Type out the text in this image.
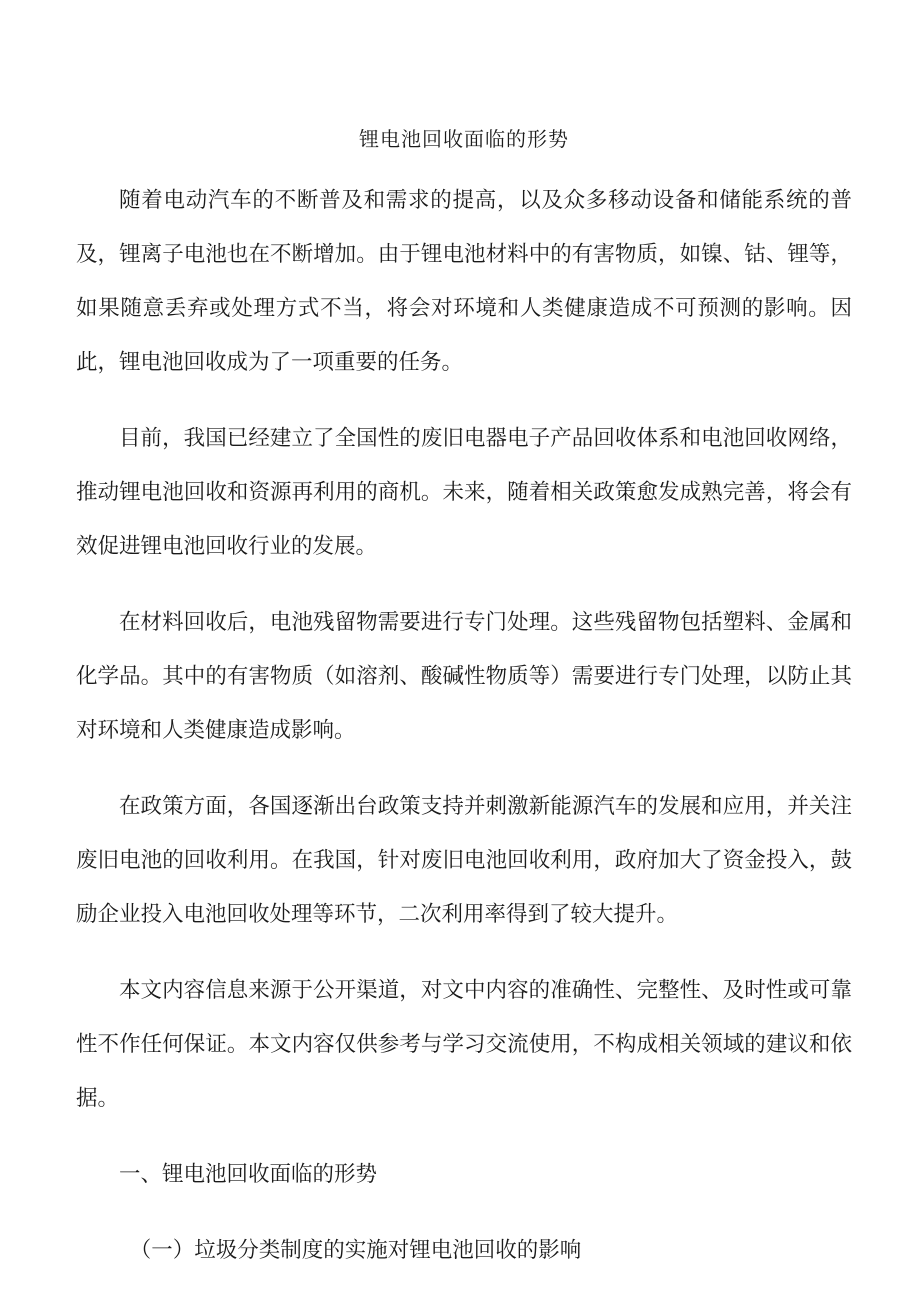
锂电池回收面临的形势

随着电动汽车的不断普及和需求的提高，以及众多移动设备和储能系统的普及，锂离子电池也在不断增加。由于锂电池材料中的有害物质，如镍、钴、锂等，如果随意丢弃或处理方式不当，将会对环境和人类健康造成不可预测的影响。因此，锂电池回收成为了一项重要的任务。

目前，我国已经建立了全国性的废旧电器电子产品回收体系和电池回收网络，推动锂电池回收和资源再利用的商机。未来，随着相关政策愈发成熟完善，将会有效促进锂电池回收行业的发展。

在材料回收后，电池残留物需要进行专门处理。这些残留物包括塑料、金属和化学品。其中的有害物质（如溶剂、酸碱性物质等）需要进行专门处理，以防止其对环境和人类健康造成影响。

在政策方面，各国逐渐出台政策支持并刺激新能源汽车的发展和应用，并关注废旧电池的回收利用。在我国，针对废旧电池回收利用，政府加大了资金投入，鼓励企业投入电池回收处理等环节，二次利用率得到了较大提升。

本文内容信息来源于公开渠道，对文中内容的准确性、完整性、及时性或可靠性不作任何保证。本文内容仅供参考与学习交流使用，不构成相关领域的建议和依据。

一、锂电池回收面临的形势
（一）垃圾分类制度的实施对锂电池回收的影响
